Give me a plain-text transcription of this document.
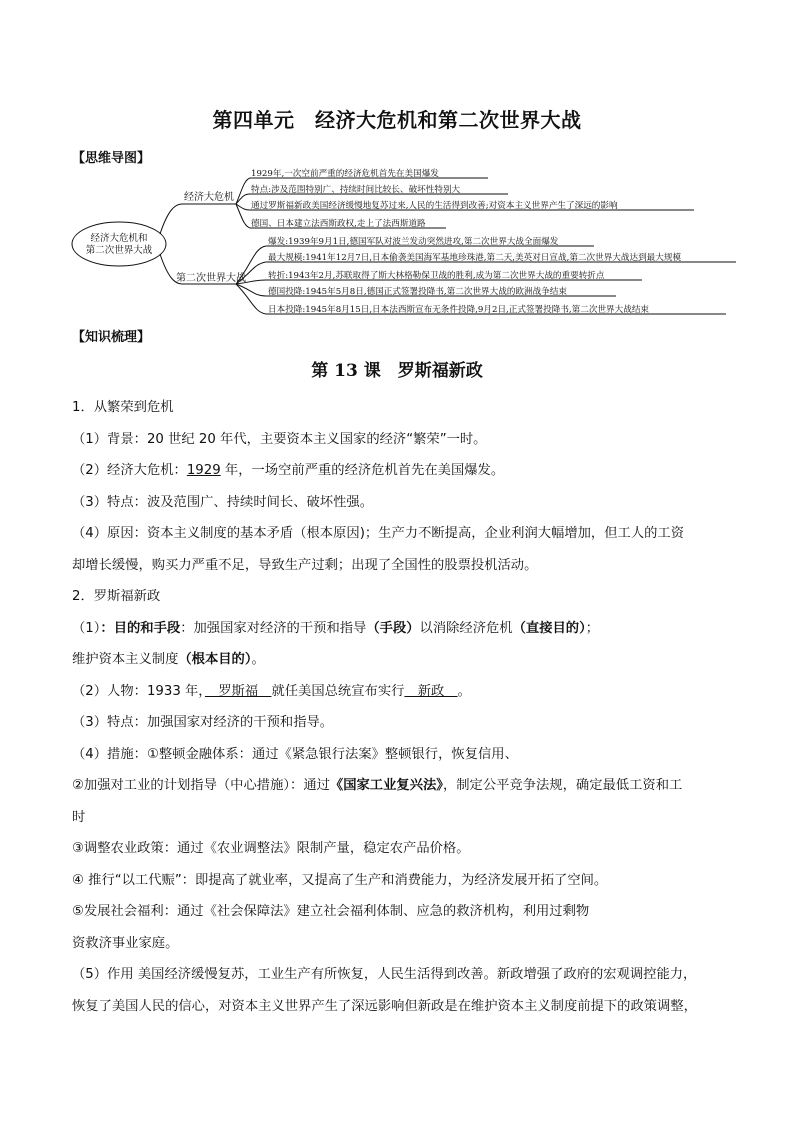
第四单元　经济大危机和第二次世界大战
【思维导图】
经济大危机和
第二次世界大战
经济大危机
第二次世界大战
1929年,一次空前严重的经济危机首先在美国爆发
特点:涉及范围特别广、持续时间比较长、破坏性特别大
通过罗斯福新政美国经济缓慢地复苏过来,人民的生活得到改善;对资本主义世界产生了深远的影响
德国、日本建立法西斯政权,走上了法西斯道路
爆发:1939年9月1日,德国军队对波兰发动突然进攻,第二次世界大战全面爆发
最大规模:1941年12月7日,日本偷袭美国海军基地珍珠港,第二天,美英对日宣战,第二次世界大战达到最大规模
转折:1943年2月,苏联取得了斯大林格勒保卫战的胜利,成为第二次世界大战的重要转折点
德国投降:1945年5月8日,德国正式签署投降书,第二次世界大战的欧洲战争结束
日本投降:1945年8月15日,日本法西斯宣布无条件投降,9月2日,正式签署投降书,第二次世界大战结束
【知识梳理】
第 13 课　罗斯福新政
1．从繁荣到危机
（1）背景：20 世纪 20 年代，主要资本主义国家的经济“繁荣”一时。
（2）经济大危机：1929 年，一场空前严重的经济危机首先在美国爆发。
（3）特点：波及范围广、持续时间长、破坏性强。
（4）原因：资本主义制度的基本矛盾（根本原因)；生产力不断提高，企业利润大幅增加，但工人的工资
却增长缓慢，购买力严重不足，导致生产过剩；出现了全国性的股票投机活动。
2．罗斯福新政
（1）：目的和手段：加强国家对经济的干预和指导（手段）以消除经济危机（直接目的）；
维护资本主义制度（根本目的）。
（2）人物：1933 年，　罗斯福　就任美国总统宣布实行　新政　。
（3）特点：加强国家对经济的干预和指导。
（4）措施：①整顿金融体系：通过《紧急银行法案》整顿银行，恢复信用、
②加强对工业的计划指导（中心措施）：通过《国家工业复兴法》，制定公平竞争法规，确定最低工资和工
时
③调整农业政策：通过《农业调整法》限制产量，稳定农产品价格。
④ 推行“以工代赈”：即提高了就业率，又提高了生产和消费能力，为经济发展开拓了空间。
⑤发展社会福利：通过《社会保障法》建立社会福利体制、应急的救济机构，利用过剩物
资救济事业家庭。
（5）作用 美国经济缓慢复苏，工业生产有所恢复，人民生活得到改善。新政增强了政府的宏观调控能力，
恢复了美国人民的信心，对资本主义世界产生了深远影响但新政是在维护资本主义制度前提下的政策调整，
